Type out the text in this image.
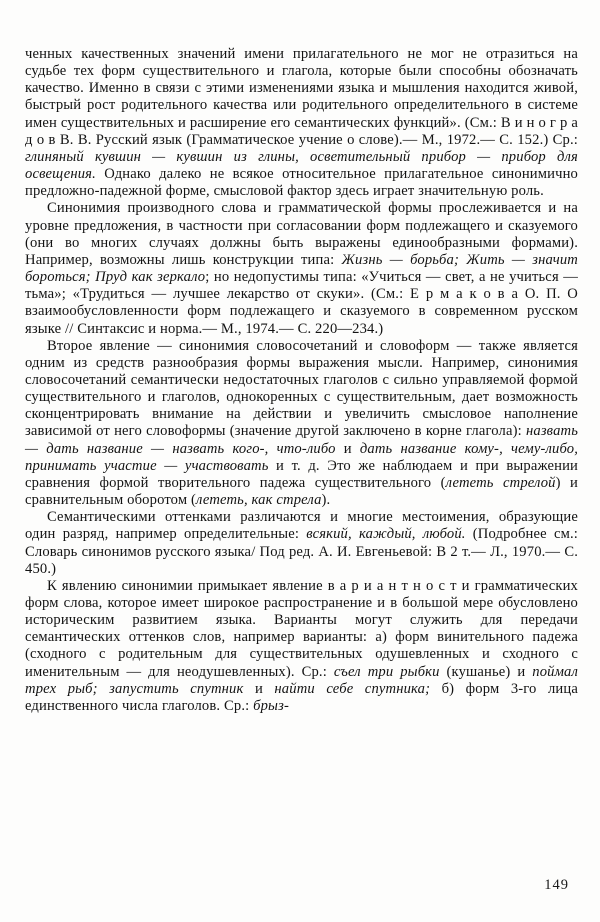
ченных качественных значений имени прилагательного не мог не отразиться на судьбе тех форм существительного и глагола, которые были способны обозначать качество. Именно в связи с этими изменениями языка и мышления находится живой, быстрый рост родительного качества или родительного определительного в системе имен существительных и расширение его семантических функций». (См.: В и н о г р а д о в В. В. Русский язык (Грамматическое учение о слове).— М., 1972.— С. 152.) Ср.: глиняный кувшин — кувшин из глины, осветительный прибор — прибор для освещения. Однако далеко не всякое относительное прилагательное синонимично предложно-падежной форме, смысловой фактор здесь играет значительную роль.

Синонимия производного слова и грамматической формы прослеживается и на уровне предложения, в частности при согласовании форм подлежащего и сказуемого (они во многих случаях должны быть выражены единообразными формами). Например, возможны лишь конструкции типа: Жизнь — борьба; Жить — значит бороться; Пруд как зеркало; но недопустимы типа: «Учиться — свет, а не учиться — тьма»; «Трудиться — лучшее лекарство от скуки». (См.: Е р м а к о в а О. П. О взаимообусловленности форм подлежащего и сказуемого в современном русском языке // Синтаксис и норма.— М., 1974.— С. 220—234.)

Второе явление — синонимия словосочетаний и словоформ — также является одним из средств разнообразия формы выражения мысли. Например, синонимия словосочетаний семантически недостаточных глаголов с сильно управляемой формой существительного и глаголов, однокоренных с существительным, дает возможность сконцентрировать внимание на действии и увеличить смысловое наполнение зависимой от него словоформы (значение другой заключено в корне глагола): назвать — дать название — назвать кого-, что-либо и дать название кому-, чему-либо, принимать участие — участвовать и т. д. Это же наблюдаем и при выражении сравнения формой творительного падежа существительного (лететь стрелой) и сравнительным оборотом (лететь, как стрела).

Семантическими оттенками различаются и многие местоимения, образующие один разряд, например определительные: всякий, каждый, любой. (Подробнее см.: Словарь синонимов русского языка/ Под ред. А. И. Евгеньевой: В 2 т.— Л., 1970.— С. 450.)

К явлению синонимии примыкает явление в а р и а н т н о с т и грамматических форм слова, которое имеет широкое распространение и в большой мере обусловлено историческим развитием языка. Варианты могут служить для передачи семантических оттенков слов, например варианты: а) форм винительного падежа (сходного с родительным для существительных одушевленных и сходного с именительным — для неодушевленных). Ср.: съел три рыбки (кушанье) и поймал трех рыб; запустить спутник и найти себе спутника; б) форм 3-го лица единственного числа глаголов. Ср.: брыз-

149
